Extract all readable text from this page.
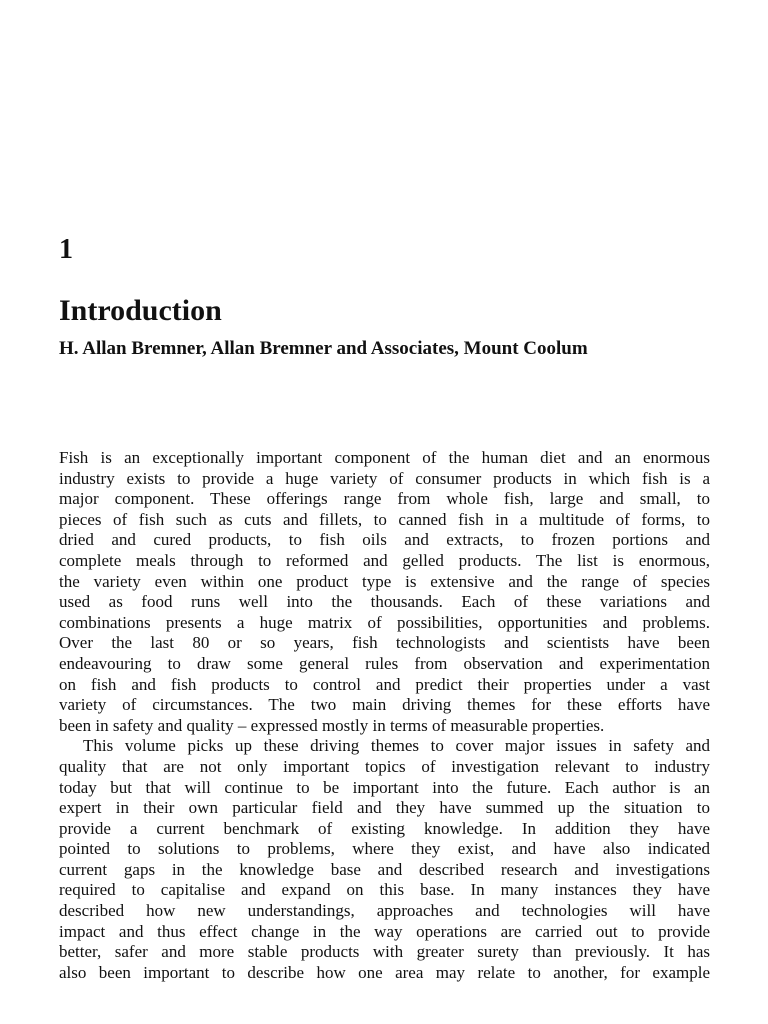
1
Introduction
H. Allan Bremner, Allan Bremner and Associates, Mount Coolum
Fish is an exceptionally important component of the human diet and an enormous
industry exists to provide a huge variety of consumer products in which fish is a
major component. These offerings range from whole fish, large and small, to
pieces of fish such as cuts and fillets, to canned fish in a multitude of forms, to
dried and cured products, to fish oils and extracts, to frozen portions and
complete meals through to reformed and gelled products. The list is enormous,
the variety even within one product type is extensive and the range of species
used as food runs well into the thousands. Each of these variations and
combinations presents a huge matrix of possibilities, opportunities and problems.
Over the last 80 or so years, fish technologists and scientists have been
endeavouring to draw some general rules from observation and experimentation
on fish and fish products to control and predict their properties under a vast
variety of circumstances. The two main driving themes for these efforts have
been in safety and quality – expressed mostly in terms of measurable properties.
This volume picks up these driving themes to cover major issues in safety and
quality that are not only important topics of investigation relevant to industry
today but that will continue to be important into the future. Each author is an
expert in their own particular field and they have summed up the situation to
provide a current benchmark of existing knowledge. In addition they have
pointed to solutions to problems, where they exist, and have also indicated
current gaps in the knowledge base and described research and investigations
required to capitalise and expand on this base. In many instances they have
described how new understandings, approaches and technologies will have
impact and thus effect change in the way operations are carried out to provide
better, safer and more stable products with greater surety than previously. It has
also been important to describe how one area may relate to another, for example
